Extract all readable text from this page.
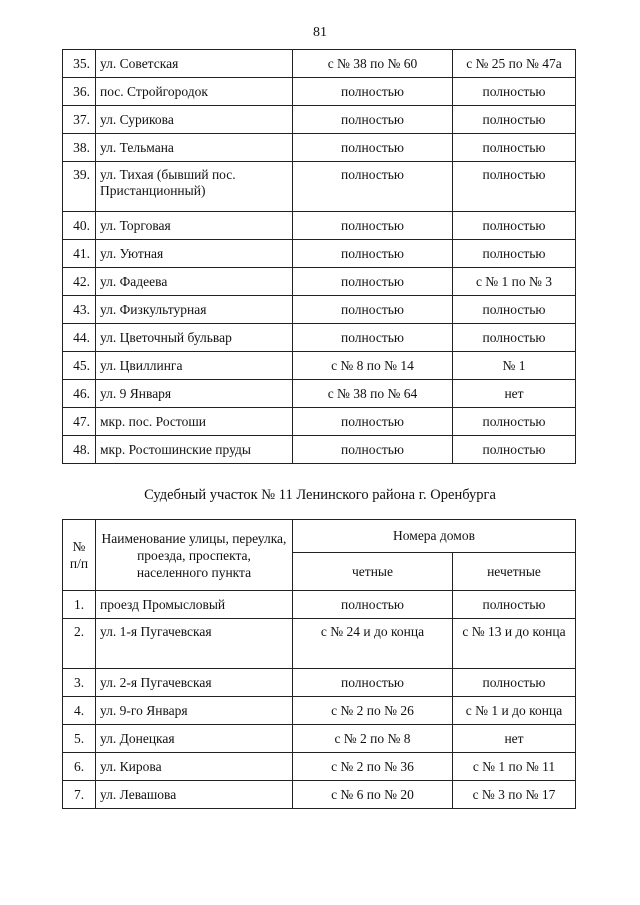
81
35.	ул. Советская	с № 38 по № 60	с № 25 по № 47а
36.	пос. Стройгородок	полностью	полностью
37.	ул. Сурикова	полностью	полностью
38.	ул. Тельмана	полностью	полностью
39.	ул. Тихая (бывший пос. Пристанционный)	полностью	полностью
40.	ул. Торговая	полностью	полностью
41.	ул. Уютная	полностью	полностью
42.	ул. Фадеева	полностью	с № 1 по № 3
43.	ул. Физкультурная	полностью	полностью
44.	ул. Цветочный бульвар	полностью	полностью
45.	ул. Цвиллинга	с № 8 по № 14	№ 1
46.	ул. 9 Января	с № 38 по № 64	нет
47.	мкр. пос. Ростоши	полностью	полностью
48.	мкр. Ростошинские пруды	полностью	полностью
Судебный участок № 11 Ленинского района г. Оренбурга
№ п/п	Наименование улицы, переулка, проезда, проспекта, населенного пункта	Номера домов	
		четные	нечетные
1.	проезд Промысловый	полностью	полностью
2.	ул. 1-я Пугачевская	с № 24 и до конца	с № 13 и до конца
3.	ул. 2-я Пугачевская	полностью	полностью
4.	ул. 9-го Января	с № 2 по № 26	с № 1 и до конца
5.	ул. Донецкая	с № 2 по № 8	нет
6.	ул. Кирова	с № 2 по № 36	с № 1 по № 11
7.	ул. Левашова	с № 6 по № 20	с № 3 по № 17
